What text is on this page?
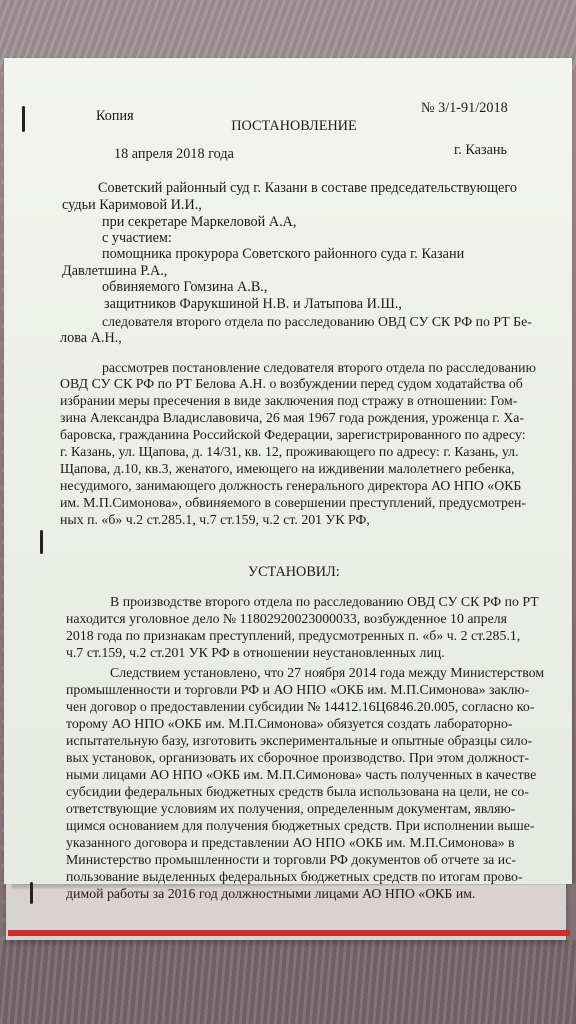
Копия	№ 3/1-91/2018
ПОСТАНОВЛЕНИЕ
18 апреля 2018 года	г. Казань
Советский районный суд г. Казани в составе председательствующего
судьи Каримовой И.И.,
при секретаре Маркеловой А.А,
с участием:
помощника прокурора Советского районного суда г. Казани
Давлетшина Р.А.,
обвиняемого Гомзина А.В.,
защитников Фарукшиной Н.В. и Латыпова И.Ш.,
следователя второго отдела по расследованию ОВД СУ СК РФ по РТ Бе-
лова А.Н.,
рассмотрев постановление следователя второго отдела по расследованию
ОВД СУ СК РФ по РТ Белова А.Н. о возбуждении перед судом ходатайства об
избрании меры пресечения в виде заключения под стражу в отношении: Гом-
зина Александра Владиславовича, 26 мая 1967 года рождения, уроженца г. Ха-
баровска, гражданина Российской Федерации, зарегистрированного по адресу:
г. Казань, ул. Щапова, д. 14/31, кв. 12, проживающего по адресу: г. Казань, ул.
Щапова, д.10, кв.3, женатого, имеющего на иждивении малолетнего ребенка,
несудимого, занимающего должность генерального директора АО НПО «ОКБ
им. М.П.Симонова», обвиняемого в совершении преступлений, предусмотрен-
ных п. «б» ч.2 ст.285.1, ч.7 ст.159, ч.2 ст. 201 УК РФ,
УСТАНОВИЛ:
В производстве второго отдела по расследованию ОВД СУ СК РФ по РТ
находится уголовное дело № 11802920023000033, возбужденное 10 апреля
2018 года по признакам преступлений, предусмотренных п. «б» ч. 2 ст.285.1,
ч.7 ст.159, ч.2 ст.201 УК РФ в отношении неустановленных лиц.
Следствием установлено, что 27 ноября 2014 года между Министерством
промышленности и торговли РФ и АО НПО «ОКБ им. М.П.Симонова» заклю-
чен договор о предоставлении субсидии № 14412.16Ц6846.20.005, согласно ко-
торому АО НПО «ОКБ им. М.П.Симонова» обязуется создать лабораторно-
испытательную базу, изготовить экспериментальные и опытные образцы сило-
вых установок, организовать их сборочное производство. При этом должност-
ными лицами АО НПО «ОКБ им. М.П.Симонова» часть полученных в качестве
субсидии федеральных бюджетных средств была использована на цели, не со-
ответствующие условиям их получения, определенным документам, являю-
щимся основанием для получения бюджетных средств. При исполнении выше-
указанного договора и представлении АО НПО «ОКБ им. М.П.Симонова» в
Министерство промышленности и торговли РФ документов об отчете за ис-
пользование выделенных федеральных бюджетных средств по итогам прово-
димой работы за 2016 год должностными лицами АО НПО «ОКБ им.
